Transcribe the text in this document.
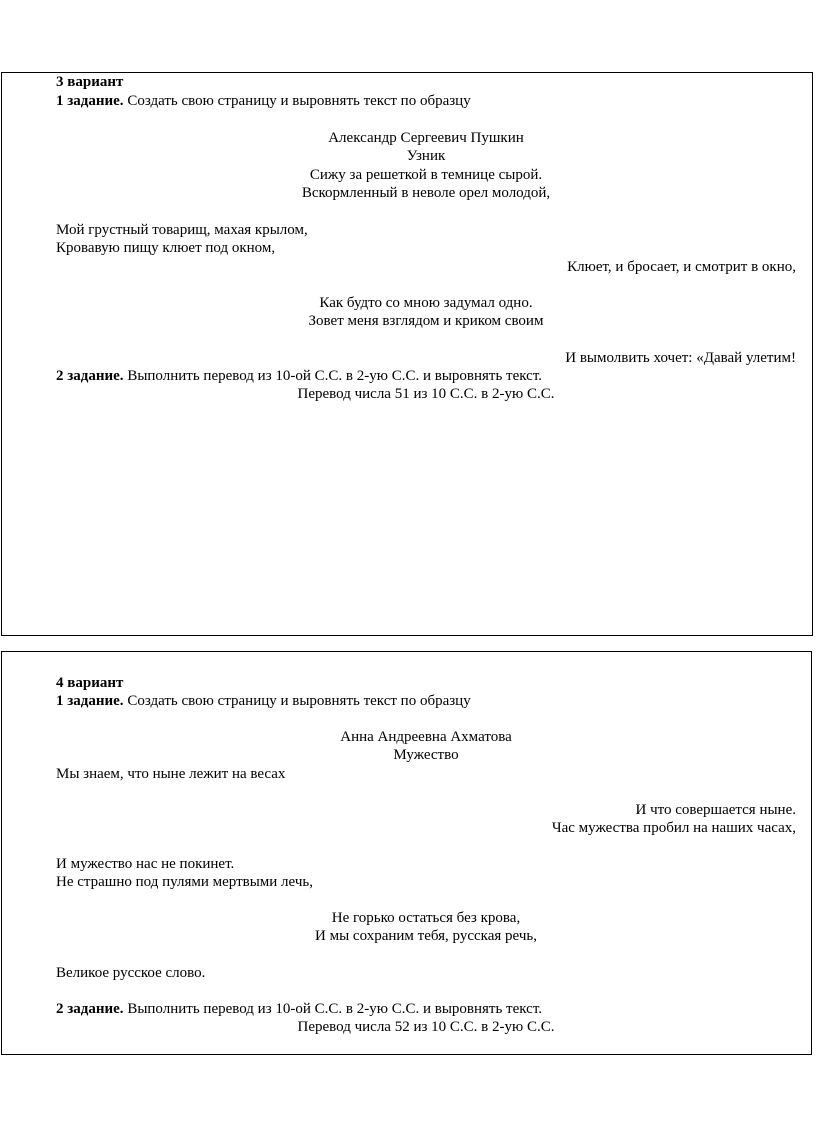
3 вариант
1 задание. Создать свою страницу и выровнять текст по образцу
Александр Сергеевич Пушкин
Узник
Сижу за решеткой в темнице сырой.
Вскормленный в неволе орел молодой,
Мой грустный товарищ, махая крылом,
Кровавую пищу клюет под окном,
Клюет, и бросает, и смотрит в окно,
Как будто со мною задумал одно.
Зовет меня взглядом и криком своим
И вымолвить хочет: «Давай улетим!
2 задание. Выполнить перевод из 10-ой С.С. в 2-ую С.С. и выровнять текст.
Перевод числа 51 из 10 С.С. в 2-ую С.С.
4 вариант
1 задание. Создать свою страницу и выровнять текст по образцу
Анна Андреевна Ахматова
Мужество
Мы знаем, что ныне лежит на весах
И что совершается ныне.
Час мужества пробил на наших часах,
И мужество нас не покинет.
Не страшно под пулями мертвыми лечь,
Не горько остаться без крова,
И мы сохраним тебя, русская речь,
Великое русское слово.
2 задание. Выполнить перевод из 10-ой С.С. в 2-ую С.С. и выровнять текст.
Перевод числа 52 из 10 С.С. в 2-ую С.С.
